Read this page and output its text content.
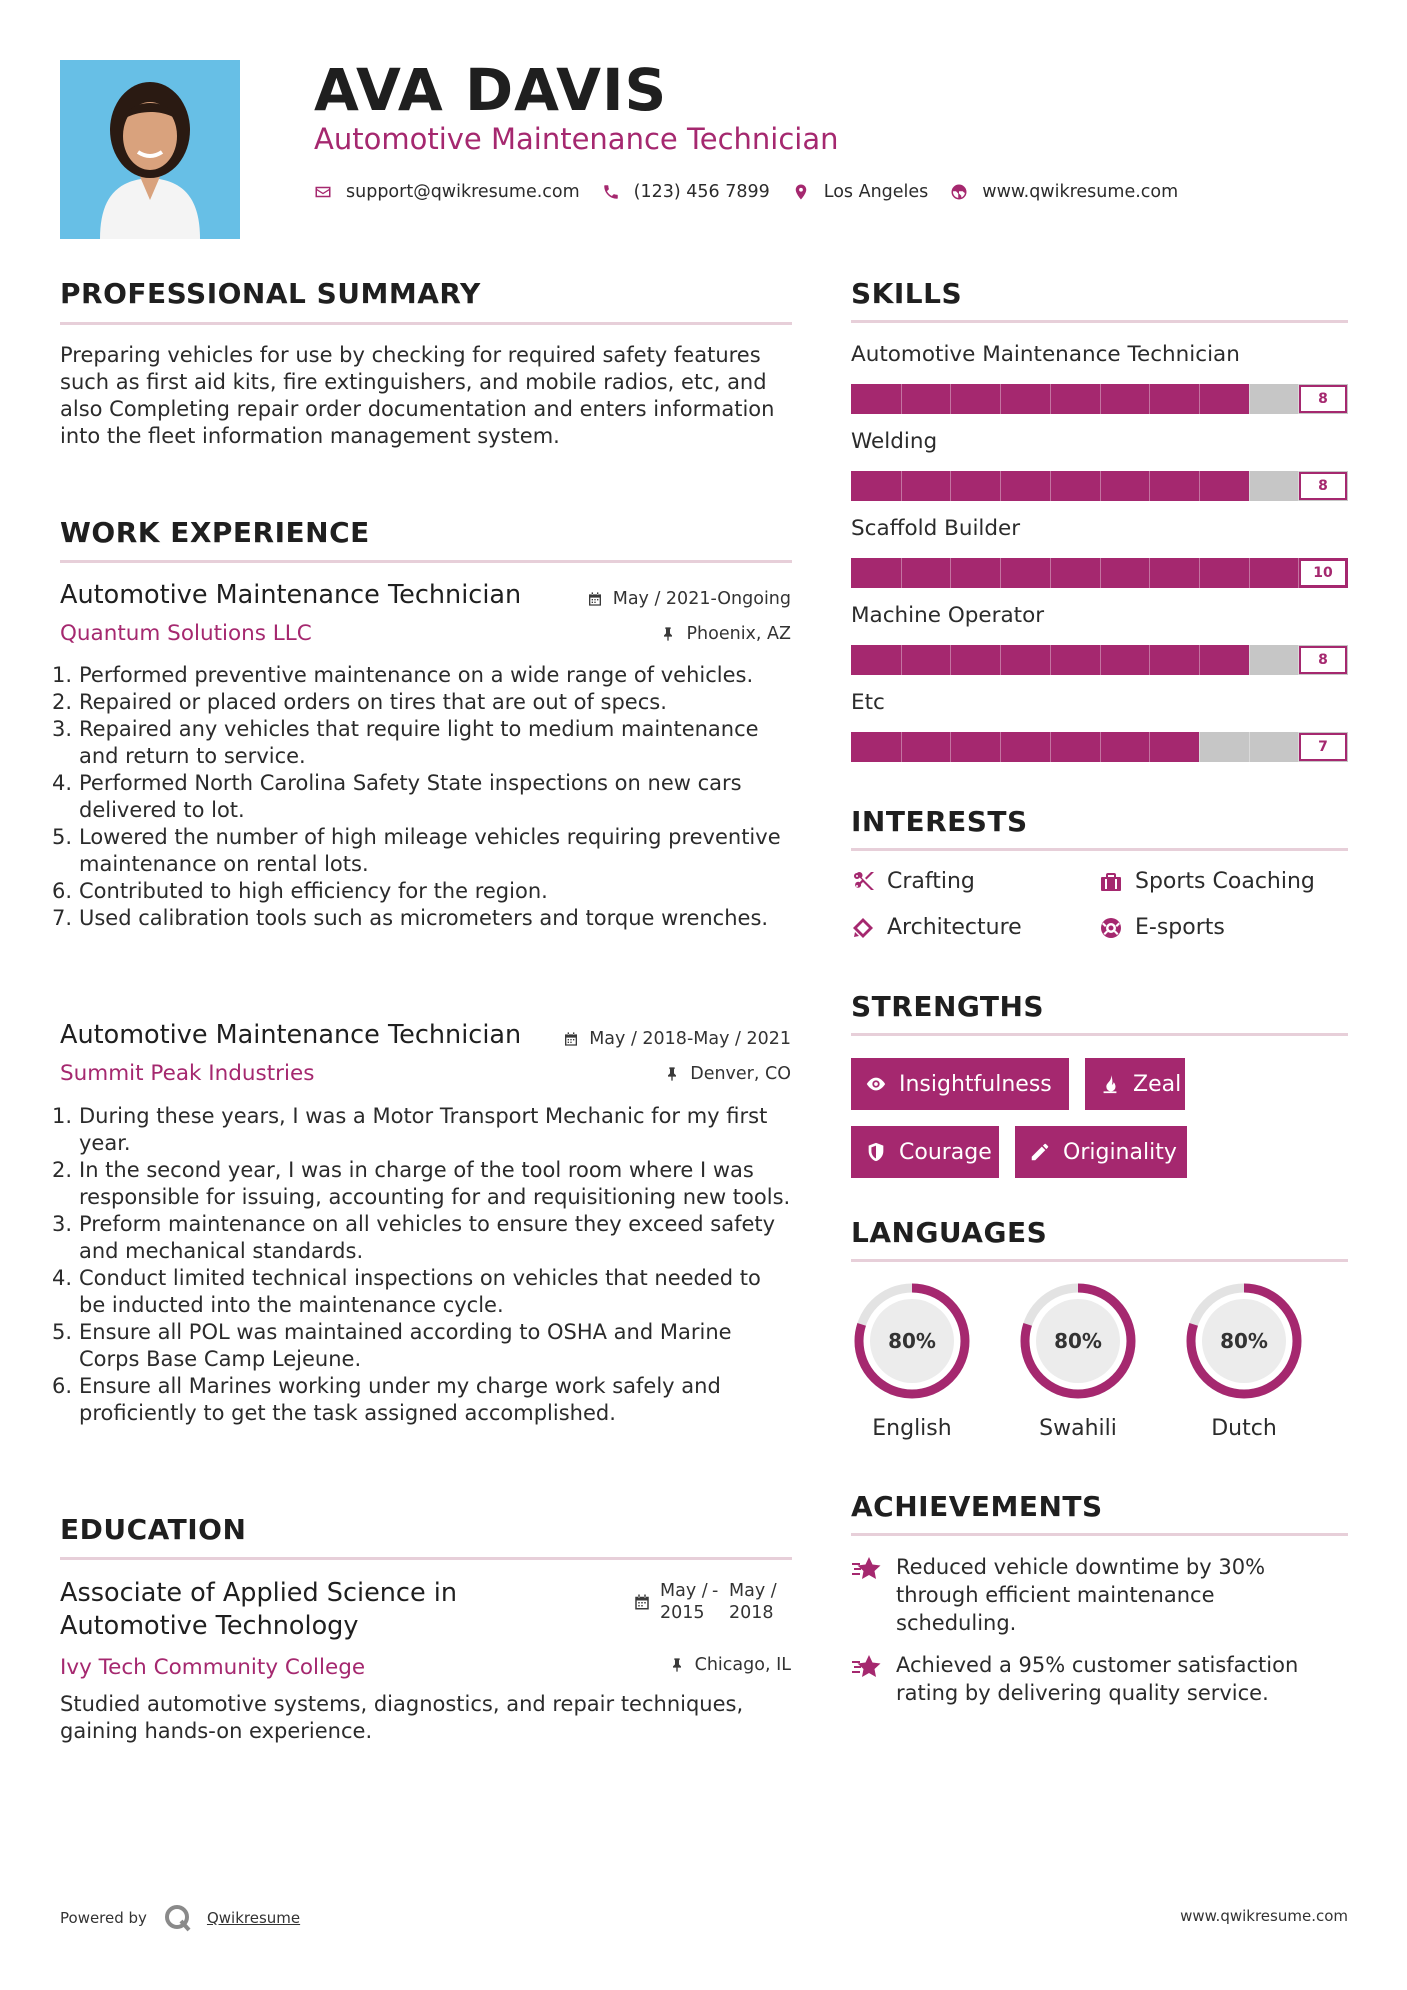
AVA DAVIS
Automotive Maintenance Technician
support@qwikresume.com	(123) 456 7899	Los Angeles	www.qwikresume.com
PROFESSIONAL SUMMARY
Preparing vehicles for use by checking for required safety features such as first aid kits, fire extinguishers, and mobile radios, etc, and also Completing repair order documentation and enters information into the fleet information management system.
WORK EXPERIENCE
Automotive Maintenance Technician	May / 2021-Ongoing
Quantum Solutions LLC	Phoenix, AZ
Performed preventive maintenance on a wide range of vehicles.
Repaired or placed orders on tires that are out of specs.
Repaired any vehicles that require light to medium maintenance and return to service.
Performed North Carolina Safety State inspections on new cars delivered to lot.
Lowered the number of high mileage vehicles requiring preventive maintenance on rental lots.
Contributed to high efficiency for the region.
Used calibration tools such as micrometers and torque wrenches.
Automotive Maintenance Technician	May / 2018-May / 2021
Summit Peak Industries	Denver, CO
During these years, I was a Motor Transport Mechanic for my first year.
In the second year, I was in charge of the tool room where I was responsible for issuing, accounting for and requisitioning new tools.
Preform maintenance on all vehicles to ensure they exceed safety and mechanical standards.
Conduct limited technical inspections on vehicles that needed to be inducted into the maintenance cycle.
Ensure all POL was maintained according to OSHA and Marine Corps Base Camp Lejeune.
Ensure all Marines working under my charge work safely and proficiently to get the task assigned accomplished.
EDUCATION
Associate of Applied Science in
Automotive Technology
May /
2015
- May /
2018
Ivy Tech Community College	Chicago, IL
Studied automotive systems, diagnostics, and repair techniques, gaining hands-on experience.
SKILLS
Automotive Maintenance Technician
8
Welding
8
Scaffold Builder
10
Machine Operator
8
Etc
7
INTERESTS
Crafting	Sports Coaching
Architecture	E-sports
STRENGTHS
Insightfulness	Zeal
Courage	Originality
LANGUAGES
80%
English
80%
Swahili
80%
Dutch
ACHIEVEMENTS
Reduced vehicle downtime by 30% through efficient maintenance scheduling.
Achieved a 95% customer satisfaction rating by delivering quality service.
Powered by	Qwikresume	www.qwikresume.com
